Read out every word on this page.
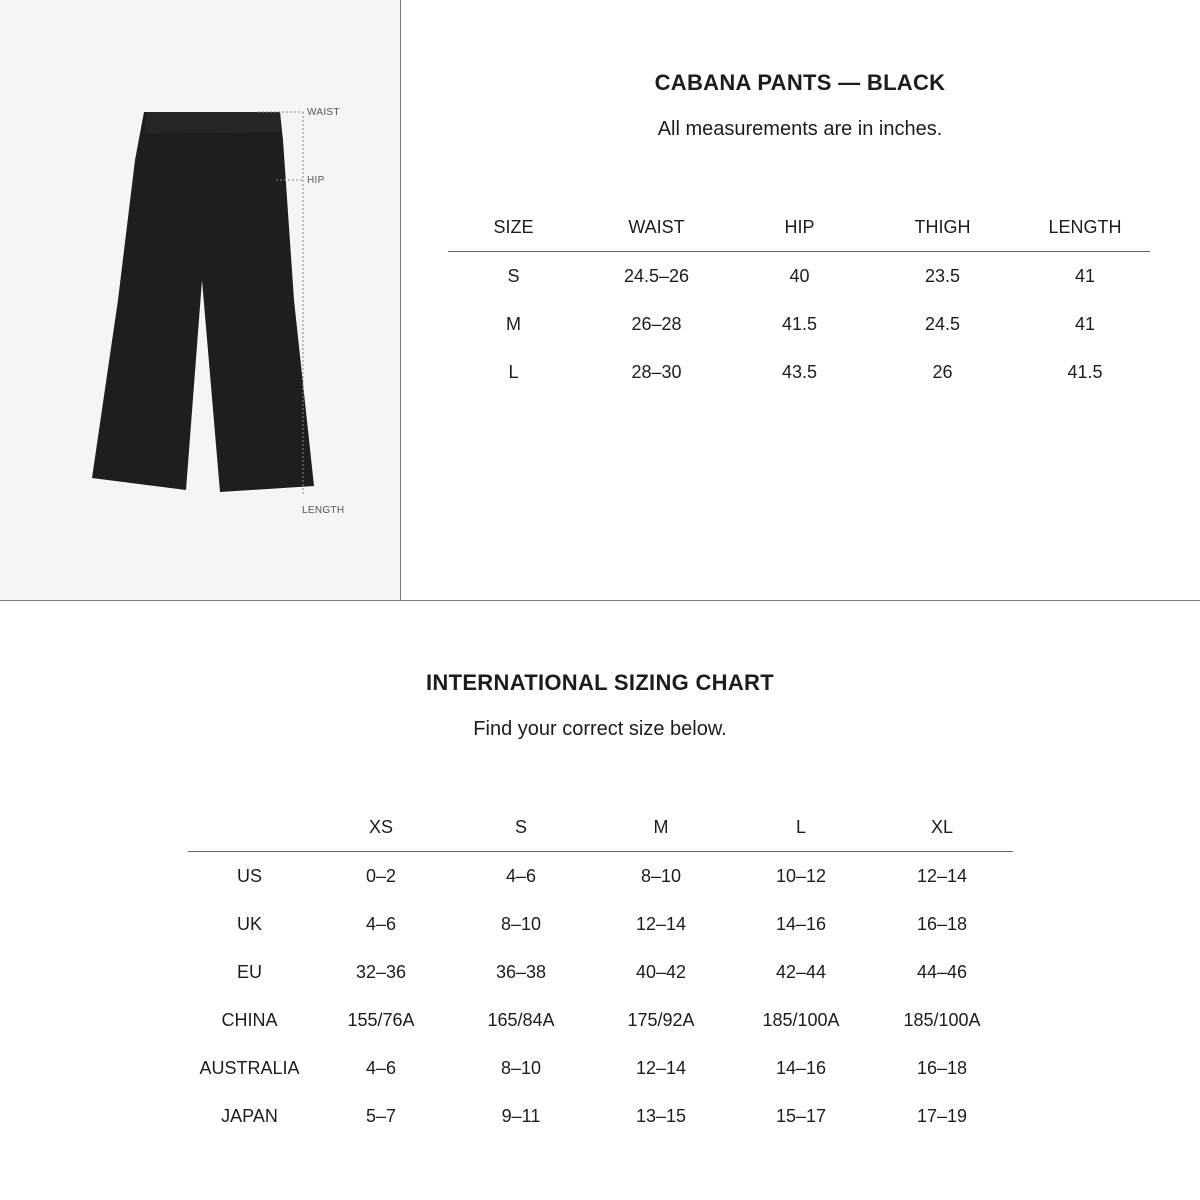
WAIST
HIP
LENGTH
CABANA PANTS — BLACK

All measurements are in inches.

SIZE	WAIST	HIP	THIGH	LENGTH
S	24.5–26	40	23.5	41
M	26–28	41.5	24.5	41
L	28–30	43.5	26	41.5
INTERNATIONAL SIZING CHART

Find your correct size below.

	XS	S	M	L	XL
US	0–2	4–6	8–10	10–12	12–14
UK	4–6	8–10	12–14	14–16	16–18
EU	32–36	36–38	40–42	42–44	44–46
CHINA	155/76A	165/84A	175/92A	185/100A	185/100A
AUSTRALIA	4–6	8–10	12–14	14–16	16–18
JAPAN	5–7	9–11	13–15	15–17	17–19
